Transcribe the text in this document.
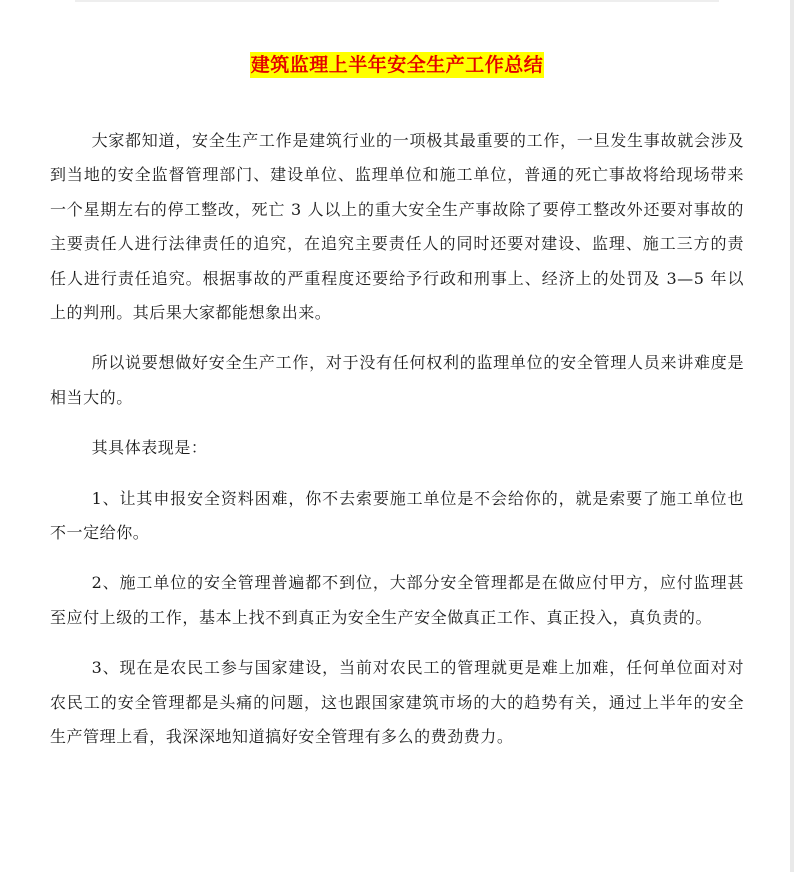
建筑监理上半年安全生产工作总结

大家都知道，安全生产工作是建筑行业的一项极其最重要的工作，一旦发生事故就会涉及到当地的安全监督管理部门、建设单位、监理单位和施工单位，普通的死亡事故将给现场带来一个星期左右的停工整改，死亡 3 人以上的重大安全生产事故除了要停工整改外还要对事故的主要责任人进行法律责任的追究，在追究主要责任人的同时还要对建设、监理、施工三方的责任人进行责任追究。根据事故的严重程度还要给予行政和刑事上、经济上的处罚及 3—5 年以上的判刑。其后果大家都能想象出来。

所以说要想做好安全生产工作，对于没有任何权利的监理单位的安全管理人员来讲难度是相当大的。

其具体表现是：

1、让其申报安全资料困难，你不去索要施工单位是不会给你的，就是索要了施工单位也不一定给你。

2、施工单位的安全管理普遍都不到位，大部分安全管理都是在做应付甲方，应付监理甚至应付上级的工作，基本上找不到真正为安全生产安全做真正工作、真正投入，真负责的。

3、现在是农民工参与国家建设，当前对农民工的管理就更是难上加难，任何单位面对对农民工的安全管理都是头痛的问题，这也跟国家建筑市场的大的趋势有关，通过上半年的安全生产管理上看，我深深地知道搞好安全管理有多么的费劲费力。
